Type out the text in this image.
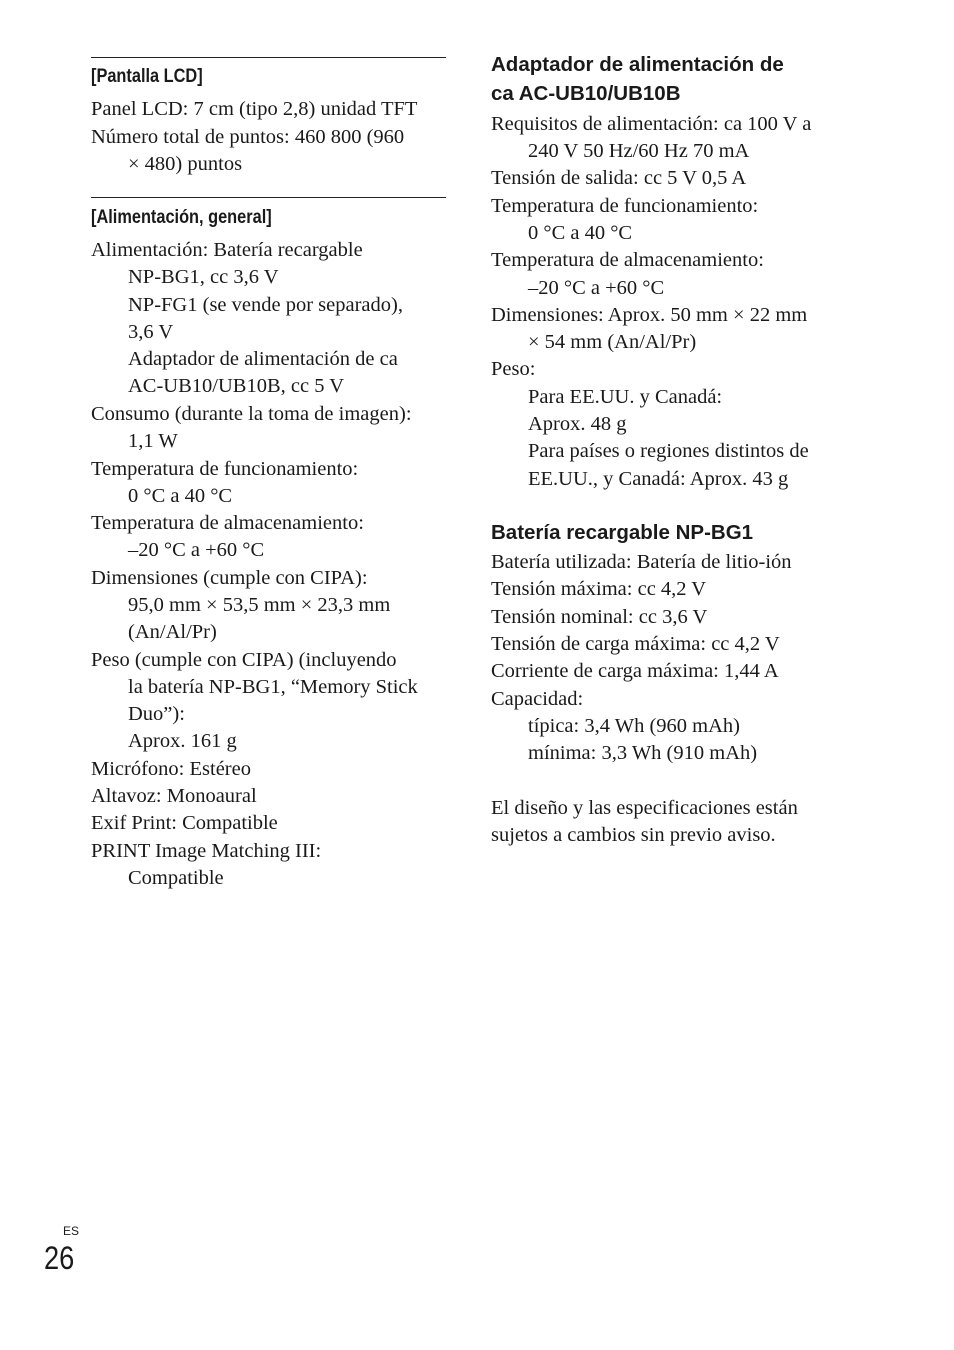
[Pantalla LCD]
Panel LCD: 7 cm (tipo 2,8) unidad TFT
Número total de puntos: 460 800 (960
× 480) puntos
[Alimentación, general]
Alimentación: Batería recargable
NP-BG1, cc 3,6 V
NP-FG1 (se vende por separado),
3,6 V
Adaptador de alimentación de ca
AC-UB10/UB10B, cc 5 V
Consumo (durante la toma de imagen):
1,1 W
Temperatura de funcionamiento:
0 °C a 40 °C
Temperatura de almacenamiento:
–20 °C a +60 °C
Dimensiones (cumple con CIPA):
95,0 mm × 53,5 mm × 23,3 mm
(An/Al/Pr)
Peso (cumple con CIPA) (incluyendo
la batería NP-BG1, “Memory Stick
Duo”):
Aprox. 161 g
Micrófono: Estéreo
Altavoz: Monoaural
Exif Print: Compatible
PRINT Image Matching III:
Compatible
Adaptador de alimentación de
ca AC-UB10/UB10B
Requisitos de alimentación: ca 100 V a
240 V 50 Hz/60 Hz 70 mA
Tensión de salida: cc 5 V 0,5 A
Temperatura de funcionamiento:
0 °C a 40 °C
Temperatura de almacenamiento:
–20 °C a +60 °C
Dimensiones: Aprox. 50 mm × 22 mm
× 54 mm (An/Al/Pr)
Peso:
Para EE.UU. y Canadá:
Aprox. 48 g
Para países o regiones distintos de
EE.UU., y Canadá: Aprox. 43 g
Batería recargable NP-BG1
Batería utilizada: Batería de litio-ión
Tensión máxima: cc 4,2 V
Tensión nominal: cc 3,6 V
Tensión de carga máxima: cc 4,2 V
Corriente de carga máxima: 1,44 A
Capacidad:
típica: 3,4 Wh (960 mAh)
mínima: 3,3 Wh (910 mAh)
El diseño y las especificaciones están
sujetos a cambios sin previo aviso.
ES
26
